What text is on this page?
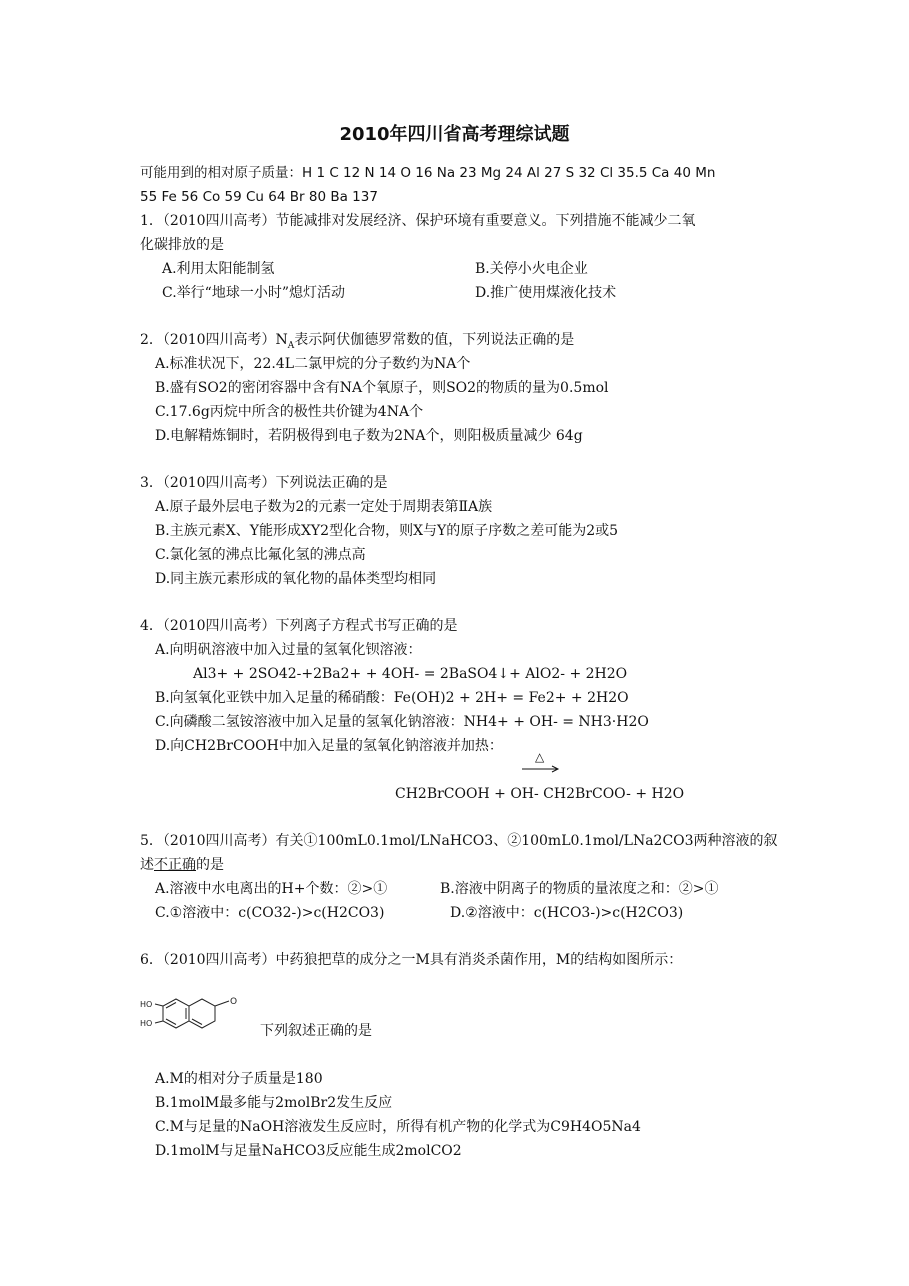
2010年四川省高考理综试题
可能用到的相对原子质量：H 1 C 12 N 14 O 16 Na 23 Mg 24 Al 27 S 32 Cl 35.5 Ca 40 Mn
55 Fe 56 Co 59 Cu 64 Br 80 Ba 137
1．（2010四川高考）节能减排对发展经济、保护环境有重要意义。下列措施不能减少二氧
化碳排放的是
A.利用太阳能制氢	B.关停小火电企业
C.举行“地球一小时”熄灯活动	D.推广使用煤液化技术
2．（2010四川高考）$N_A$表示阿伏伽德罗常数的值，下列说法正确的是
A.标准状况下，22.4L二氯甲烷的分子数约为NA个
B.盛有SO2的密闭容器中含有NA个氧原子，则SO2的物质的量为0.5mol
C.17.6g丙烷中所含的极性共价键为4NA个
D.电解精炼铜时，若阴极得到电子数为2NA个，则阳极质量减少 64g
3．（2010四川高考）下列说法正确的是
A.原子最外层电子数为2的元素一定处于周期表第ⅡA族
B.主族元素X、Y能形成XY2型化合物，则X与Y的原子序数之差可能为2或5
C.氯化氢的沸点比氟化氢的沸点高
D.同主族元素形成的氧化物的晶体类型均相同
4．（2010四川高考）下列离子方程式书写正确的是
A.向明矾溶液中加入过量的氢氧化钡溶液：
Al3+ + 2SO42-+2Ba2+ + 4OH- = 2BaSO4↓+ AlO2- + 2H2O
B.向氢氧化亚铁中加入足量的稀硝酸：Fe(OH)2 + 2H+ = Fe2+ + 2H2O
C.向磷酸二氢铵溶液中加入足量的氢氧化钠溶液：NH4+ + OH- = NH3·H2O
D.向CH2BrCOOH中加入足量的氢氧化钠溶液并加热：
△
CH2BrCOOH + OH- CH2BrCOO- + H2O
5．（2010四川高考）有关①100mL0.1mol/LNaHCO3、②100mL0.1mol/LNa2CO3两种溶液的叙
述不正确的是
A.溶液中水电离出的H+个数：②>①	B.溶液中阴离子的物质的量浓度之和：②>①
C.①溶液中：c(CO32-)>c(H2CO3)	D.②溶液中：c(HCO3-)>c(H2CO3)
6．（2010四川高考）中药狼把草的成分之一M具有消炎杀菌作用，M的结构如图所示：
HO
HO
O
下列叙述正确的是
A.M的相对分子质量是180
B.1molM最多能与2molBr2发生反应
C.M与足量的NaOH溶液发生反应时，所得有机产物的化学式为C9H4O5Na4
D.1molM与足量NaHCO3反应能生成2molCO2
